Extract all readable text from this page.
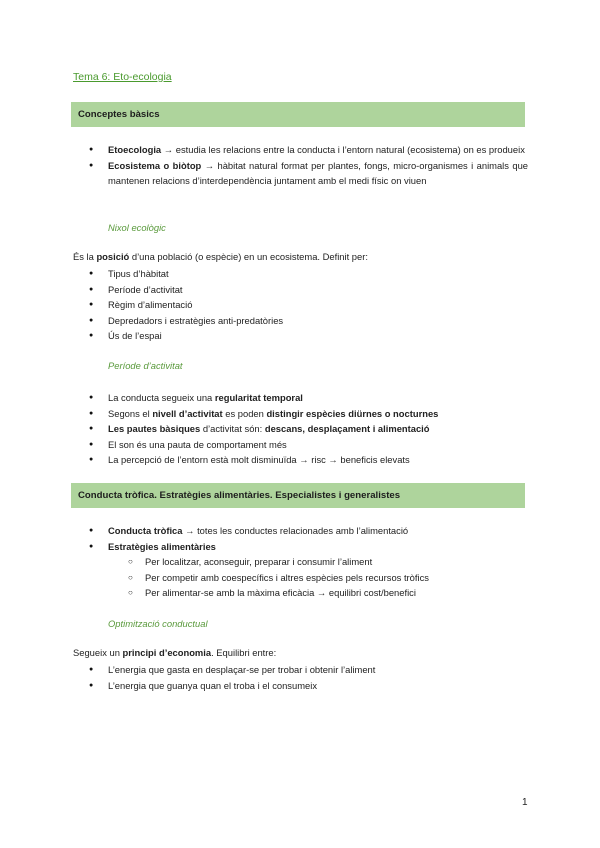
Tema 6: Eto-ecologia
Conceptes bàsics
● Etoecologia → estudia les relacions entre la conducta i l’entorn natural (ecosistema) on es produeix
● Ecosistema o biòtop → hàbitat natural format per plantes, fongs, micro-organismes i animals que mantenen relacions d’interdependència juntament amb el medi físic on viuen
Nixol ecològic
És la posició d’una població (o espècie) en un ecosistema. Definit per:
● Tipus d’hàbitat
● Període d’activitat
● Règim d’alimentació
● Depredadors i estratègies anti-predatòries
● Ús de l’espai
Període d’activitat
● La conducta segueix una regularitat temporal
● Segons el nivell d’activitat es poden distingir espècies diürnes o nocturnes
● Les pautes bàsiques d’activitat són: descans, desplaçament i alimentació
● El son és una pauta de comportament més
● La percepció de l’entorn està molt disminuïda → risc → beneficis elevats
Conducta tròfica. Estratègies alimentàries. Especialistes i generalistes
● Conducta tròfica → totes les conductes relacionades amb l’alimentació
● Estratègies alimentàries
○ Per localitzar, aconseguir, preparar i consumir l’aliment
○ Per competir amb coespecífics i altres espècies pels recursos tròfics
○ Per alimentar-se amb la màxima eficàcia → equilibri cost/benefici
Optimització conductual
Segueix un principi d’economia. Equilibri entre:
● L’energia que gasta en desplaçar-se per trobar i obtenir l’aliment
● L’energia que guanya quan el troba i el consumeix
1
